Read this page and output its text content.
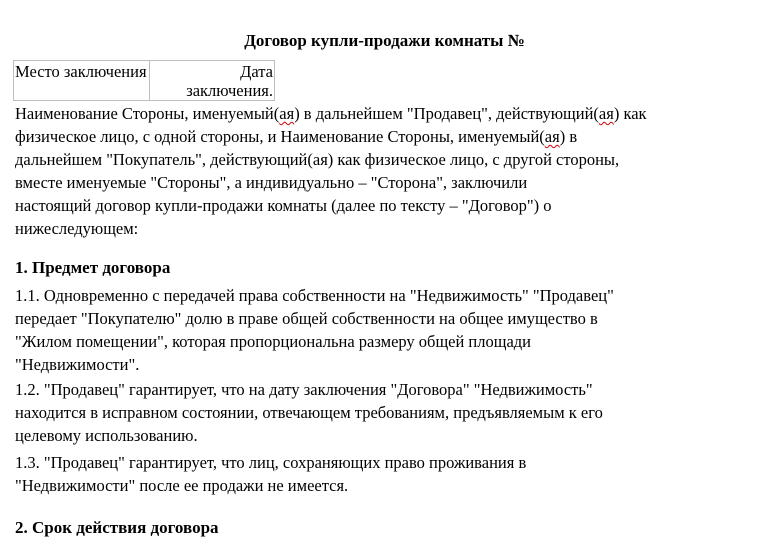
Договор купли-продажи комнаты №
Место заключения	Дата заключения.
Наименование Стороны, именуемый(ая) в дальнейшем "Продавец", действующий(ая) как
физическое лицо, с одной стороны, и Наименование Стороны, именуемый(ая) в
дальнейшем "Покупатель", действующий(ая) как физическое лицо, с другой стороны,
вместе именуемые "Стороны", а индивидуально – "Сторона", заключили
настоящий договор купли-продажи комнаты (далее по тексту – "Договор") о
нижеследующем:
1. Предмет договора
1.1. Одновременно с передачей права собственности на "Недвижимость" "Продавец"
передает "Покупателю" долю в праве общей собственности на общее имущество в
"Жилом помещении", которая пропорциональна размеру общей площади
"Недвижимости".
1.2. "Продавец" гарантирует, что на дату заключения "Договора" "Недвижимость"
находится в исправном состоянии, отвечающем требованиям, предъявляемым к его
целевому использованию.
1.3. "Продавец" гарантирует, что лиц, сохраняющих право проживания в
"Недвижимости" после ее продажи не имеется.
2. Срок действия договора
